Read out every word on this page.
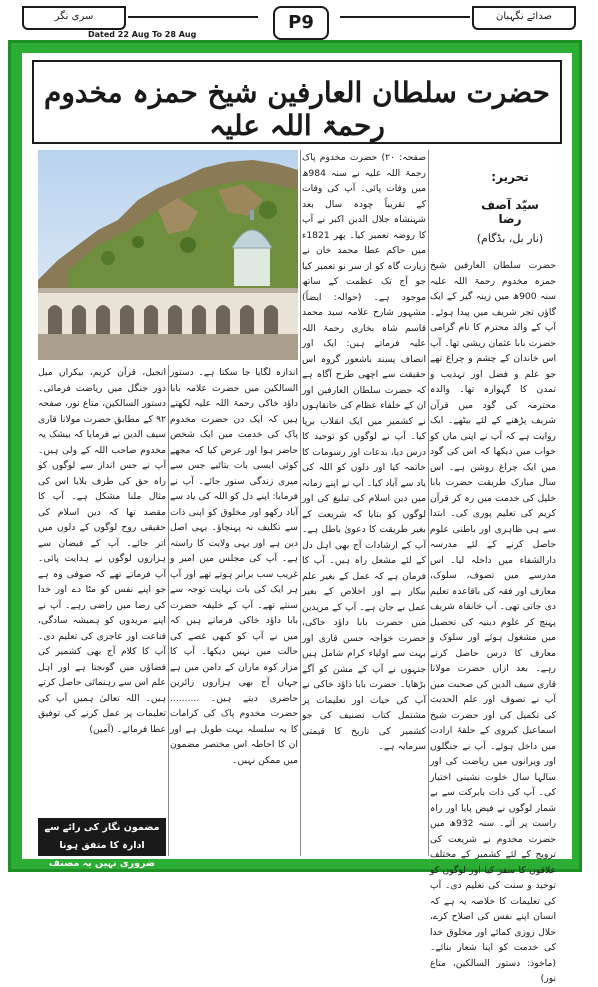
سری نگر	صدائے نگہبان
P9
Dated 22 Aug To 28 Aug
حضرت سلطان العارفین شیخ حمزہ مخدوم رحمۃ اللہ علیہ
تحریر:
سیّد آصف رضا
(نار بل، بڈگام)

حضرت سلطان العارفین شیخ حمزہ مخدوم رحمۃ اللہ علیہ سنہ 900ھ میں زینہ گیر کے ایک گاؤں تجر شریف میں پیدا ہوئے۔ آپ کے والد محترم کا نام گرامی حضرت بابا عثمان ریشی تھا۔ آپ اس خاندان کے چشم و چراغ تھے جو علم و فضل اور تہذیب و تمدن کا گہوارہ تھا۔ والدہ محترمہ کی گود میں قرآن شریف پڑھنے کے لئے بیٹھے۔ ایک روایت ہے کہ آپ نے اپنی ماں کو خواب میں دیکھا کہ اس کی گود میں ایک چراغ روشن ہے۔ اس سال مبارک طریقت حضرت بابا خلیل کی خدمت میں رہ کر قرآن کریم کی تعلیم پوری کی۔ ابتدا سے ہی ظاہری اور باطنی علوم حاصل کرنے کے لئے مدرسہ دارالشفاء میں داخلہ لیا۔ اس مدرسے میں تصوف، سلوک، معارف اور فقہ کی باقاعدہ تعلیم دی جاتی تھی۔ آپ خانقاہ شریف پہنچ کر علوم دینیہ کی تحصیل میں مشغول ہوئے اور سلوک و معارف کا درس حاصل کرتے رہے۔ بعد ازاں حضرت مولانا قاری سیف الدین کی صحبت میں آپ نے تصوف اور علم الحدیث کی تکمیل کی اور حضرت شیخ اسماعیل کبروی کے حلقۂ ارادت میں داخل ہوئے۔ آپ نے جنگلوں اور ویرانوں میں ریاضت کی اور سالہا سال خلوت نشینی اختیار کی۔ آپ کی ذات بابرکت سے بے شمار لوگوں نے فیض پایا اور راہ راست پر آئے۔ سنہ 932ھ میں حضرت مخدوم نے شریعت کی ترویج کے لئے کشمیر کے مختلف علاقوں کا سفر کیا اور لوگوں کو توحید و سنت کی تعلیم دی۔ آپ کی تعلیمات کا خلاصہ یہ ہے کہ انسان اپنے نفس کی اصلاح کرے، حلال روزی کمائے اور مخلوق خدا کی خدمت کو اپنا شعار بنائے۔ (ماخوذ: دستور السالکین، متاع نور)

صفحہ: ۲۰) حضرت مخدوم پاک رحمۃ اللہ علیہ نے سنہ 984ھ میں وفات پائی۔ آپ کی وفات کے تقریباً چودہ سال بعد شہنشاہ جلال الدین اکبر نے آپ کا روضہ تعمیر کیا۔ پھر 1821ء میں حاکم عطا محمد خان نے زیارت گاہ کو از سر نو تعمیر کیا جو آج تک عظمت کے ساتھ موجود ہے۔ (حوالہ: ایضاً) مشہور شارح علامہ سید محمد قاسم شاہ بخاری رحمۃ اللہ علیہ فرماتے ہیں: ایک اور انصاف پسند باشعور گروہ اس حقیقت سے اچھی طرح آگاہ ہے کہ حضرت سلطان العارفین اور ان کے خلفاء عظام کی خانقاہوں نے کشمیر میں ایک انقلاب برپا کیا۔ آپ نے لوگوں کو توحید کا درس دیا، بدعات اور رسومات کا خاتمہ کیا اور دلوں کو اللہ کی یاد سے آباد کیا۔ آپ نے اپنے زمانہ میں دین اسلام کی تبلیغ کی اور لوگوں کو بتایا کہ شریعت کے بغیر طریقت کا دعویٰ باطل ہے۔ آپ کے ارشادات آج بھی اہل دل کے لئے مشعل راہ ہیں۔ آپ کا فرمان ہے کہ عمل کے بغیر علم بیکار ہے اور اخلاص کے بغیر عمل بے جان ہے۔ آپ کے مریدین میں حضرت بابا داؤد خاکی، حضرت خواجہ حسن قاری اور بہت سے اولیاء کرام شامل ہیں جنہوں نے آپ کے مشن کو آگے بڑھایا۔ حضرت بابا داؤد خاکی نے آپ کی حیات اور تعلیمات پر مشتمل کتاب تصنیف کی جو کشمیر کی تاریخ کا قیمتی سرمایہ ہے۔

اندازہ لگایا جا سکتا ہے۔ دستور السالکین میں حضرت علامہ بابا داؤد خاکی رحمۃ اللہ علیہ لکھتے ہیں کہ ایک دن حضرت مخدوم پاک کی خدمت میں ایک شخص حاضر ہوا اور عرض کیا کہ مجھے کوئی ایسی بات بتائیے جس سے میری زندگی سنور جائے۔ آپ نے فرمایا: اپنے دل کو اللہ کی یاد سے آباد رکھو اور مخلوق کو اپنی ذات سے تکلیف نہ پہنچاؤ۔ یہی اصل دین ہے اور یہی ولایت کا راستہ ہے۔ آپ کی مجلس میں امیر و غریب سب برابر ہوتے تھے اور آپ ہر ایک کی بات نہایت توجہ سے سنتے تھے۔ آپ کے خلیفہ حضرت بابا داؤد خاکی فرماتے ہیں کہ میں نے آپ کو کبھی غصے کی حالت میں نہیں دیکھا۔ آپ کا مزار کوہ ماران کے دامن میں ہے جہاں آج بھی ہزاروں زائرین حاضری دیتے ہیں۔ .......... حضرت مخدوم پاک کی کرامات کا یہ سلسلہ بہت طویل ہے اور ان کا احاطہ اس مختصر مضمون میں ممکن نہیں۔

انجیل، قرآن کریم، بیکراں میل دور جنگل میں ریاضت فرمائی۔ دستور السالکین، متاع نور، صفحہ ۹۲ کے مطابق حضرت مولانا قاری سیف الدین نے فرمایا کہ بیشک یہ مخدوم صاحب اللہ کے ولی ہیں۔ آپ نے جس انداز سے لوگوں کو راہ حق کی طرف بلایا اس کی مثال ملنا مشکل ہے۔ آپ کا مقصد تھا کہ دین اسلام کی حقیقی روح لوگوں کے دلوں میں اتر جائے۔ آپ کے فیضان سے ہزاروں لوگوں نے ہدایت پائی۔ آپ فرماتے تھے کہ صوفی وہ ہے جو اپنے نفس کو مٹا دے اور خدا کی رضا میں راضی رہے۔ آپ نے اپنے مریدوں کو ہمیشہ سادگی، قناعت اور عاجزی کی تعلیم دی۔ آپ کا کلام آج بھی کشمیر کی فضاؤں میں گونجتا ہے اور اہل علم اس سے رہنمائی حاصل کرتے ہیں۔ اللہ تعالیٰ ہمیں آپ کی تعلیمات پر عمل کرنے کی توفیق عطا فرمائے۔ (آمین)

مضمون نگار کی رائے سے ادارہ کا متفق ہونا ضروری نہیں یہ مصنف کی ذاتی رائے ہے
